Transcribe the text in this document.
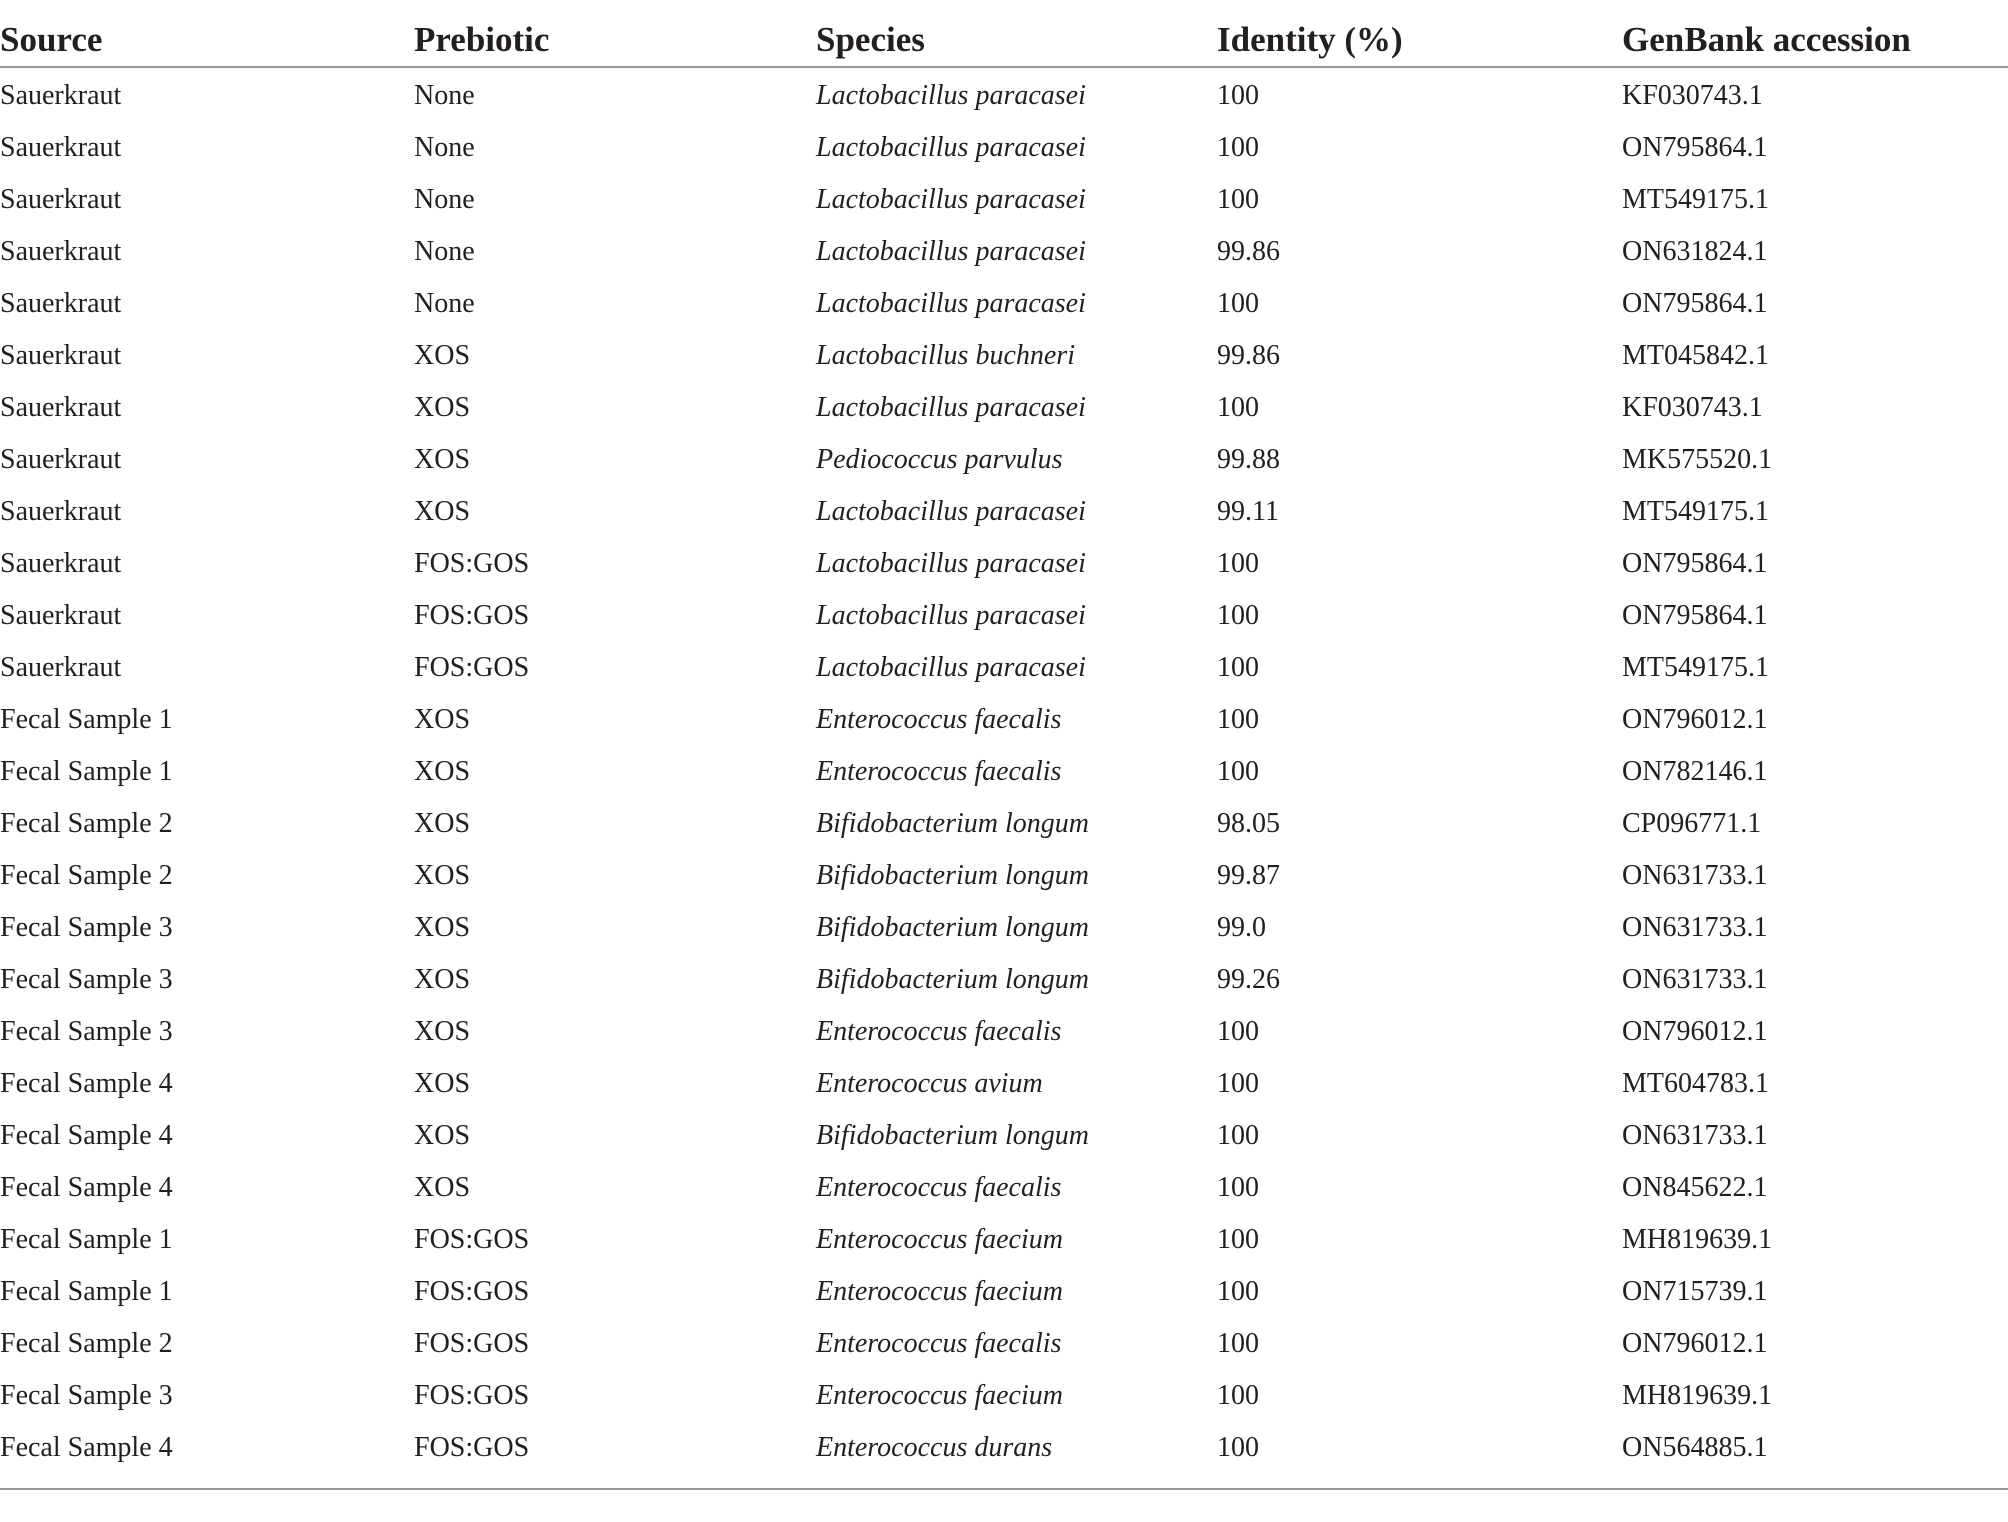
Source	Prebiotic	Species	Identity (%)	GenBank accession
Sauerkraut	None	Lactobacillus paracasei	100	KF030743.1
Sauerkraut	None	Lactobacillus paracasei	100	ON795864.1
Sauerkraut	None	Lactobacillus paracasei	100	MT549175.1
Sauerkraut	None	Lactobacillus paracasei	99.86	ON631824.1
Sauerkraut	None	Lactobacillus paracasei	100	ON795864.1
Sauerkraut	XOS	Lactobacillus buchneri	99.86	MT045842.1
Sauerkraut	XOS	Lactobacillus paracasei	100	KF030743.1
Sauerkraut	XOS	Pediococcus parvulus	99.88	MK575520.1
Sauerkraut	XOS	Lactobacillus paracasei	99.11	MT549175.1
Sauerkraut	FOS:GOS	Lactobacillus paracasei	100	ON795864.1
Sauerkraut	FOS:GOS	Lactobacillus paracasei	100	ON795864.1
Sauerkraut	FOS:GOS	Lactobacillus paracasei	100	MT549175.1
Fecal Sample 1	XOS	Enterococcus faecalis	100	ON796012.1
Fecal Sample 1	XOS	Enterococcus faecalis	100	ON782146.1
Fecal Sample 2	XOS	Bifidobacterium longum	98.05	CP096771.1
Fecal Sample 2	XOS	Bifidobacterium longum	99.87	ON631733.1
Fecal Sample 3	XOS	Bifidobacterium longum	99.0	ON631733.1
Fecal Sample 3	XOS	Bifidobacterium longum	99.26	ON631733.1
Fecal Sample 3	XOS	Enterococcus faecalis	100	ON796012.1
Fecal Sample 4	XOS	Enterococcus avium	100	MT604783.1
Fecal Sample 4	XOS	Bifidobacterium longum	100	ON631733.1
Fecal Sample 4	XOS	Enterococcus faecalis	100	ON845622.1
Fecal Sample 1	FOS:GOS	Enterococcus faecium	100	MH819639.1
Fecal Sample 1	FOS:GOS	Enterococcus faecium	100	ON715739.1
Fecal Sample 2	FOS:GOS	Enterococcus faecalis	100	ON796012.1
Fecal Sample 3	FOS:GOS	Enterococcus faecium	100	MH819639.1
Fecal Sample 4	FOS:GOS	Enterococcus durans	100	ON564885.1
